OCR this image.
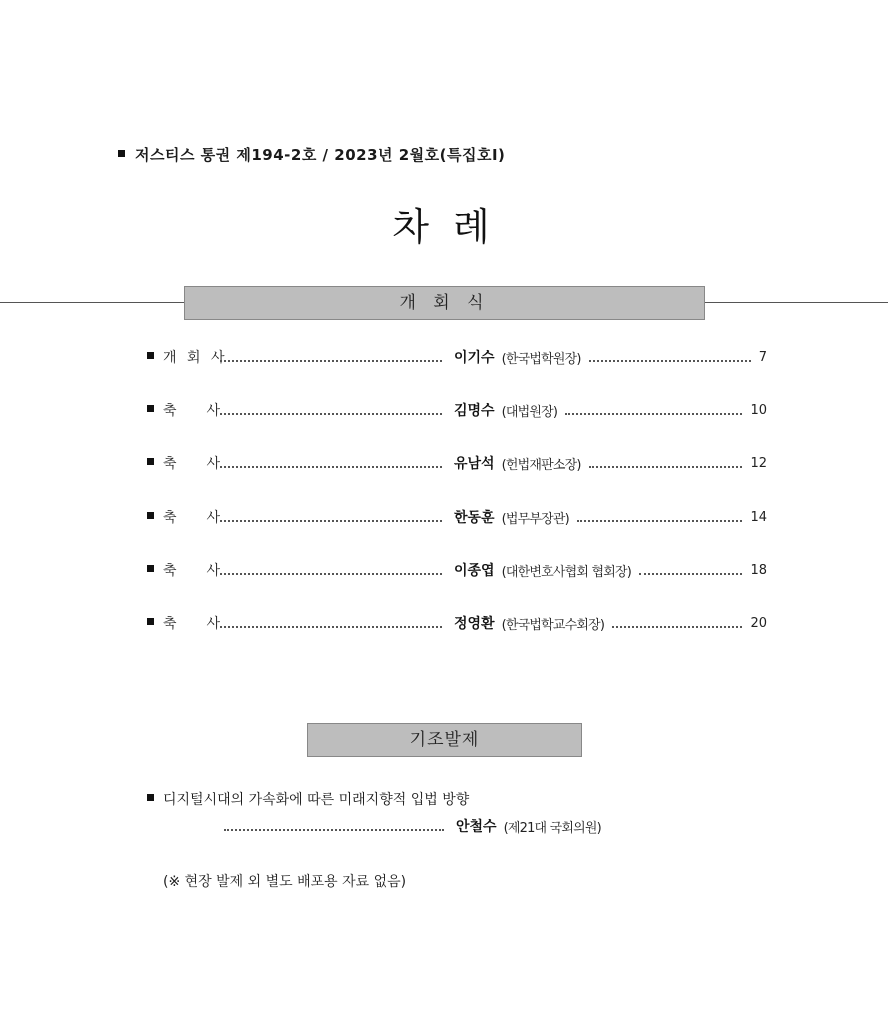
저스티스 통권 제194-2호 / 2023년 2월호(특집호Ⅰ)
차 례
개 회 식
개 회 사	이기수 (한국법학원장)	7
축 사	김명수 (대법원장)	10
축 사	유남석 (헌법재판소장)	12
축 사	한동훈 (법무부장관)	14
축 사	이종엽 (대한변호사협회 협회장)	18
축 사	정영환 (한국법학교수회장)	20
기조발제
디지털시대의 가속화에 따른 미래지향적 입법 방향
안철수 (제21대 국회의원)
(※ 현장 발제 외 별도 배포용 자료 없음)
